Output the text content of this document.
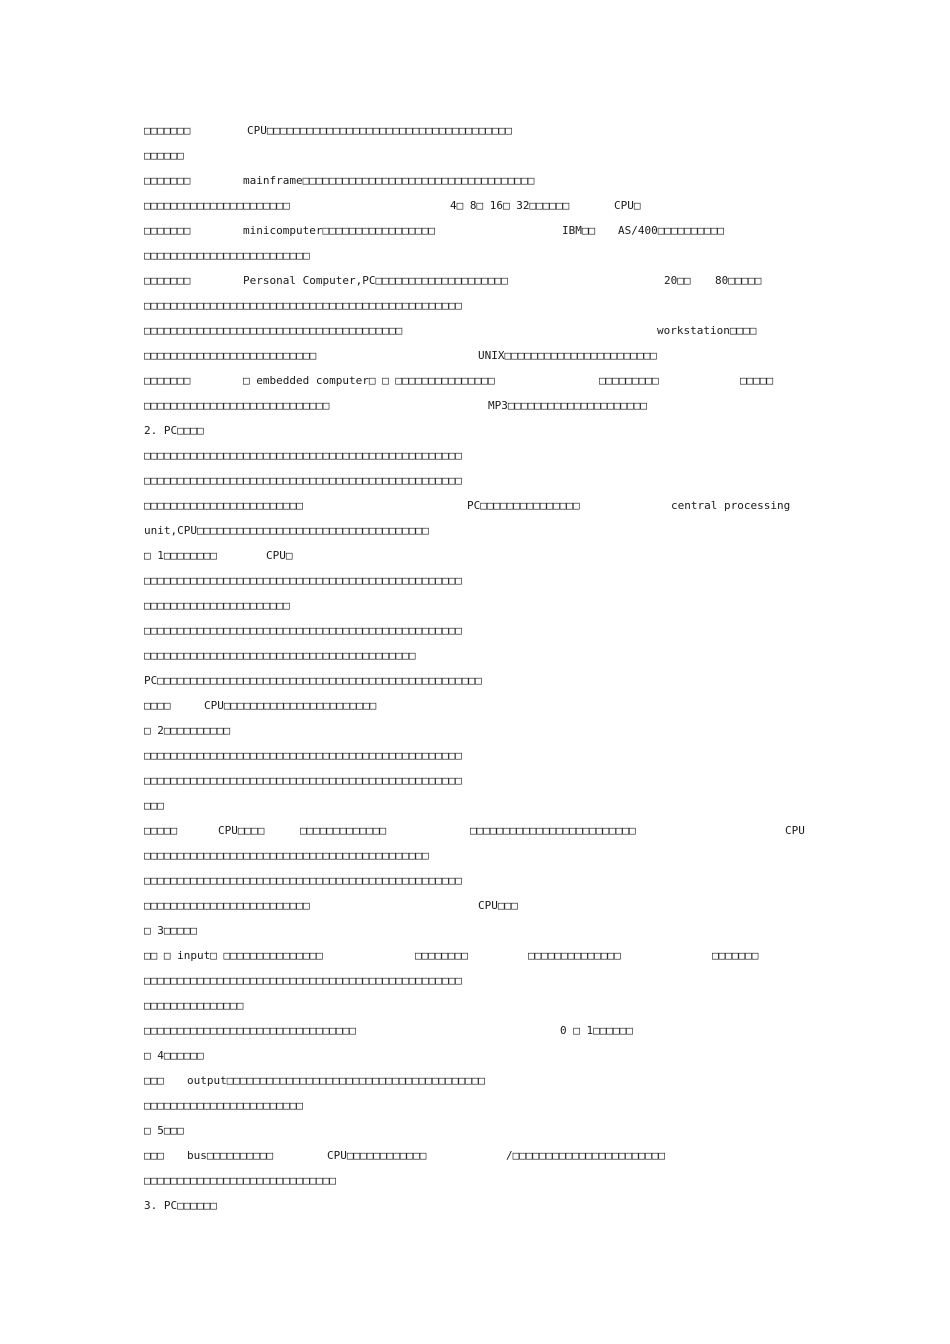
□□□□□□□	CPU□□□□□□□□□□□□□□□□□□□□□□□□□□□□□□□□□□□□□
□□□□□□
□□□□□□□	mainframe□□□□□□□□□□□□□□□□□□□□□□□□□□□□□□□□□□□
□□□□□□□□□□□□□□□□□□□□□□	4□ 8□ 16□ 32□□□□□□	CPU□
□□□□□□□	minicomputer□□□□□□□□□□□□□□□□□	IBM□□ AS/400□□□□□□□□□□
□□□□□□□□□□□□□□□□□□□□□□□□□
□□□□□□□	Personal Computer,PC□□□□□□□□□□□□□□□□□□□□	20□□ 80□□□□□
□□□□□□□□□□□□□□□□□□□□□□□□□□□□□□□□□□□□□□□□□□□□□□□□
□□□□□□□□□□□□□□□□□□□□□□□□□□□□□□□□□□□□□□□	workstation□□□□
□□□□□□□□□□□□□□□□□□□□□□□□□□	UNIX□□□□□□□□□□□□□□□□□□□□□□□
□□□□□□□	□ embedded computer□ □ □□□□□□□□□□□□□□□	□□□□□□□□□	□□□□□
□□□□□□□□□□□□□□□□□□□□□□□□□□□□	MP3□□□□□□□□□□□□□□□□□□□□□
2. PC□□□□
□□□□□□□□□□□□□□□□□□□□□□□□□□□□□□□□□□□□□□□□□□□□□□□□
□□□□□□□□□□□□□□□□□□□□□□□□□□□□□□□□□□□□□□□□□□□□□□□□
□□□□□□□□□□□□□□□□□□□□□□□□	PC□□□□□□□□□□□□□□□	central processing
unit,CPU□□□□□□□□□□□□□□□□□□□□□□□□□□□□□□□□□□□
□ 1□□□□□□□□	CPU□
□□□□□□□□□□□□□□□□□□□□□□□□□□□□□□□□□□□□□□□□□□□□□□□□
□□□□□□□□□□□□□□□□□□□□□□
□□□□□□□□□□□□□□□□□□□□□□□□□□□□□□□□□□□□□□□□□□□□□□□□
□□□□□□□□□□□□□□□□□□□□□□□□□□□□□□□□□□□□□□□□□
PC□□□□□□□□□□□□□□□□□□□□□□□□□□□□□□□□□□□□□□□□□□□□□□□□□
□□□□	CPU□□□□□□□□□□□□□□□□□□□□□□□
□ 2□□□□□□□□□□
□□□□□□□□□□□□□□□□□□□□□□□□□□□□□□□□□□□□□□□□□□□□□□□□
□□□□□□□□□□□□□□□□□□□□□□□□□□□□□□□□□□□□□□□□□□□□□□□□
□□□
□□□□□	CPU□□□□	□□□□□□□□□□□□□	□□□□□□□□□□□□□□□□□□□□□□□□□	CPU
□□□□□□□□□□□□□□□□□□□□□□□□□□□□□□□□□□□□□□□□□□□
□□□□□□□□□□□□□□□□□□□□□□□□□□□□□□□□□□□□□□□□□□□□□□□□
□□□□□□□□□□□□□□□□□□□□□□□□□	CPU□□□
□ 3□□□□□
□□ □ input□ □□□□□□□□□□□□□□□	□□□□□□□□	□□□□□□□□□□□□□□	□□□□□□□
□□□□□□□□□□□□□□□□□□□□□□□□□□□□□□□□□□□□□□□□□□□□□□□□
□□□□□□□□□□□□□□□
□□□□□□□□□□□□□□□□□□□□□□□□□□□□□□□□	0 □ 1□□□□□□
□ 4□□□□□□
□□□ output□□□□□□□□□□□□□□□□□□□□□□□□□□□□□□□□□□□□□□□
□□□□□□□□□□□□□□□□□□□□□□□□
□ 5□□□
□□□ bus□□□□□□□□□□	CPU□□□□□□□□□□□□	/□□□□□□□□□□□□□□□□□□□□□□□
□□□□□□□□□□□□□□□□□□□□□□□□□□□□□
3. PC□□□□□□
